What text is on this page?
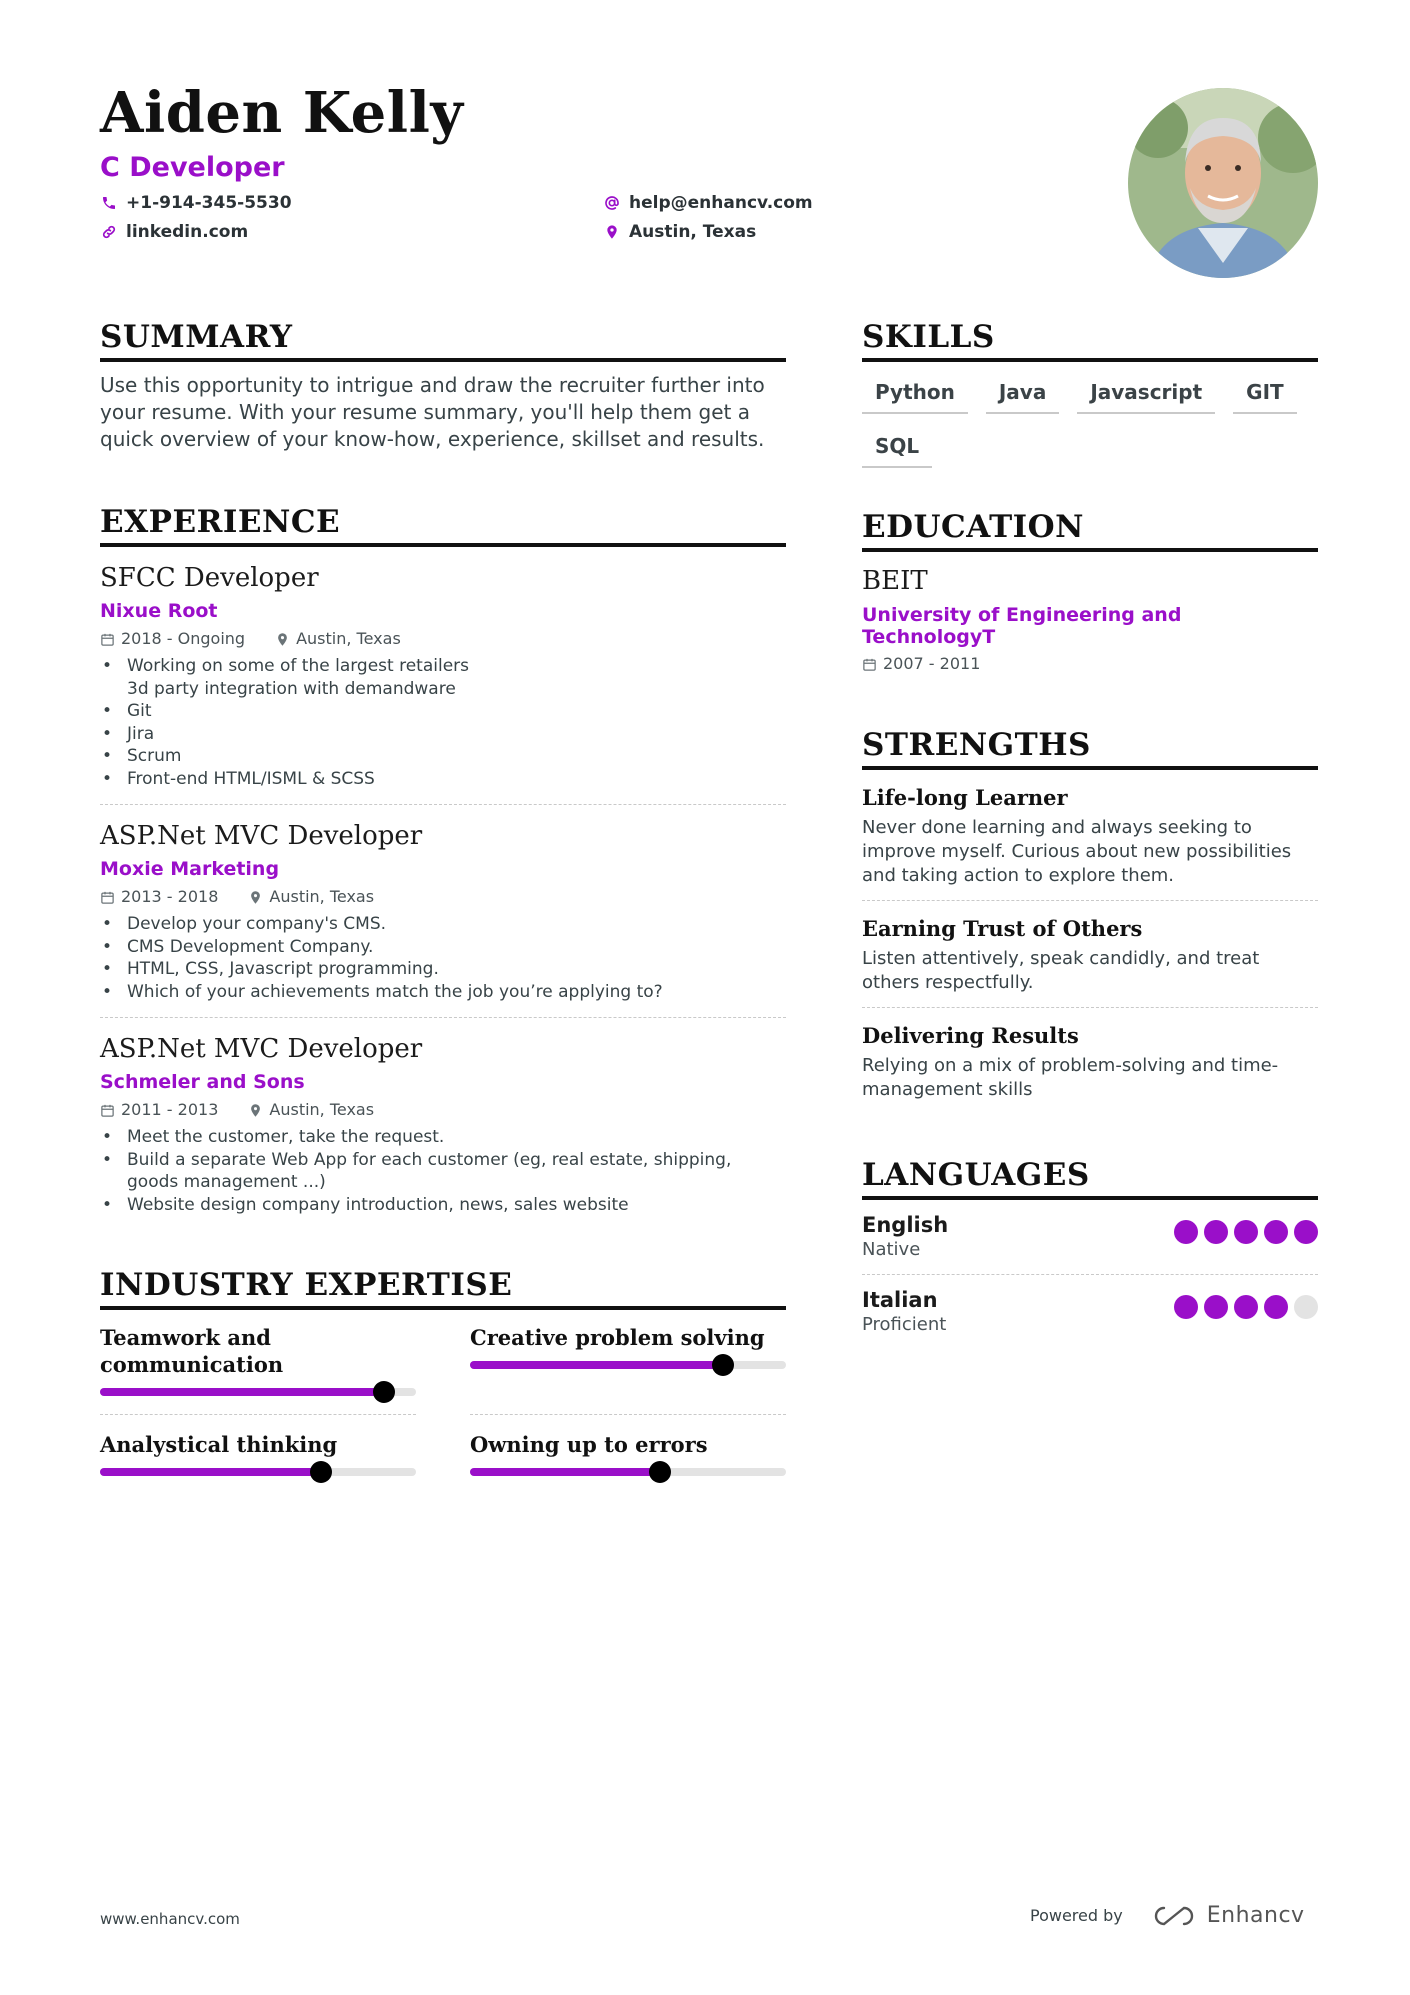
Aiden Kelly
C Developer
+1-914-345-5530
linkedin.com
help@enhancv.com
Austin, Texas
SUMMARY

Use this opportunity to intrigue and draw the recruiter further into your resume. With your resume summary, you'll help them get a quick overview of your know-how, experience, skillset and results.

EXPERIENCE
SFCC Developer
Nixue Root
2018 - Ongoing	Austin, Texas
• Working on some of the largest retailers 3d party integration with demandware
• Git
• Jira
• Scrum
• Front-end HTML/ISML & SCSS
ASP.Net MVC Developer
Moxie Marketing
2013 - 2018	Austin, Texas
• Develop your company's CMS.
• CMS Development Company.
• HTML, CSS, Javascript programming.
• Which of your achievements match the job you’re applying to?
ASP.Net MVC Developer
Schmeler and Sons
2011 - 2013	Austin, Texas
• Meet the customer, take the request.
• Build a separate Web App for each customer (eg, real estate, shipping, goods management ...)
• Website design company introduction, news, sales website
INDUSTRY EXPERTISE
Teamwork and communication
Creative problem solving
Analystical thinking	Owning up to errors
SKILLS
Python	Java	Javascript	GIT
SQL
EDUCATION
BEIT
University of Engineering and TechnologyT
2007 - 2011
STRENGTHS
Life-long Learner
Never done learning and always seeking to improve myself. Curious about new possibilities and taking action to explore them.
Earning Trust of Others
Listen attentively, speak candidly, and treat others respectfully.
Delivering Results
Relying on a mix of problem-solving and time-management skills
LANGUAGES
English
Native
Italian
Proficient
www.enhancv.com	Powered by	Enhancv
